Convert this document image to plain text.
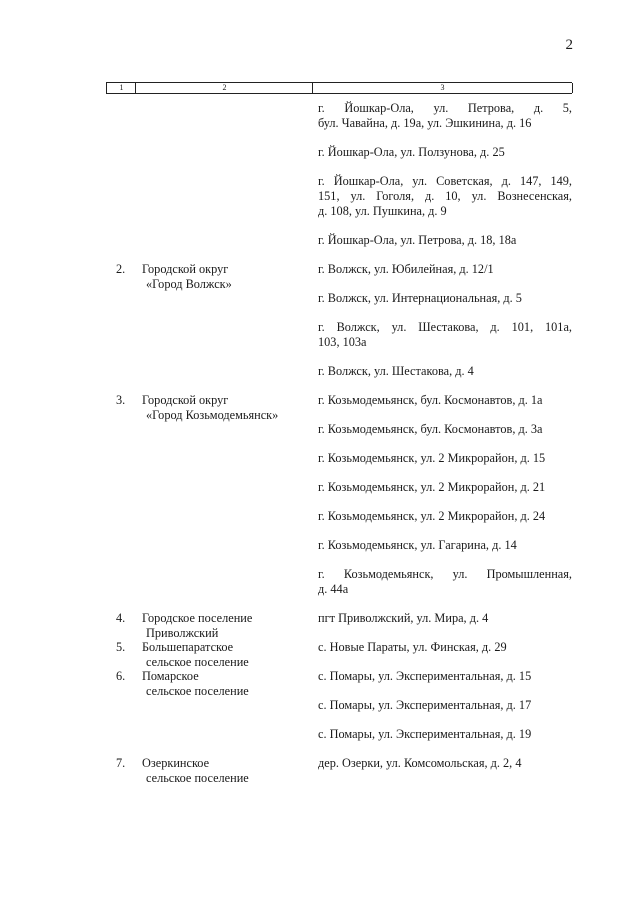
2
1	2	3
г. Йошкар-Ола, ул. Петрова, д. 5,
бул. Чавайна, д. 19а, ул. Эшкинина, д. 16
г. Йошкар-Ола, ул. Ползунова, д. 25
г. Йошкар-Ола, ул. Советская, д. 147, 149,
151, ул. Гоголя, д. 10, ул. Вознесенская,
д. 108, ул. Пушкина, д. 9
г. Йошкар-Ола, ул. Петрова, д. 18, 18а
2. Городской округ
«Город Волжск»
г. Волжск, ул. Юбилейная, д. 12/1
г. Волжск, ул. Интернациональная, д. 5
г. Волжск, ул. Шестакова, д. 101, 101а,
103, 103а
г. Волжск, ул. Шестакова, д. 4
3. Городской округ
«Город Козьмодемьянск»
г. Козьмодемьянск, бул. Космонавтов, д. 1а
г. Козьмодемьянск, бул. Космонавтов, д. 3а
г. Козьмодемьянск, ул. 2 Микрорайон, д. 15
г. Козьмодемьянск, ул. 2 Микрорайон, д. 21
г. Козьмодемьянск, ул. 2 Микрорайон, д. 24
г. Козьмодемьянск, ул. Гагарина, д. 14
г. Козьмодемьянск, ул. Промышленная,
д. 44а
4. Городское поселение
Приволжский
пгт Приволжский, ул. Мира, д. 4
5. Большепаратское
сельское поселение
с. Новые Параты, ул. Финская, д. 29
6. Помарское
сельское поселение
с. Помары, ул. Экспериментальная, д. 15
с. Помары, ул. Экспериментальная, д. 17
с. Помары, ул. Экспериментальная, д. 19
7. Озеркинское
сельское поселение
дер. Озерки, ул. Комсомольская, д. 2, 4
